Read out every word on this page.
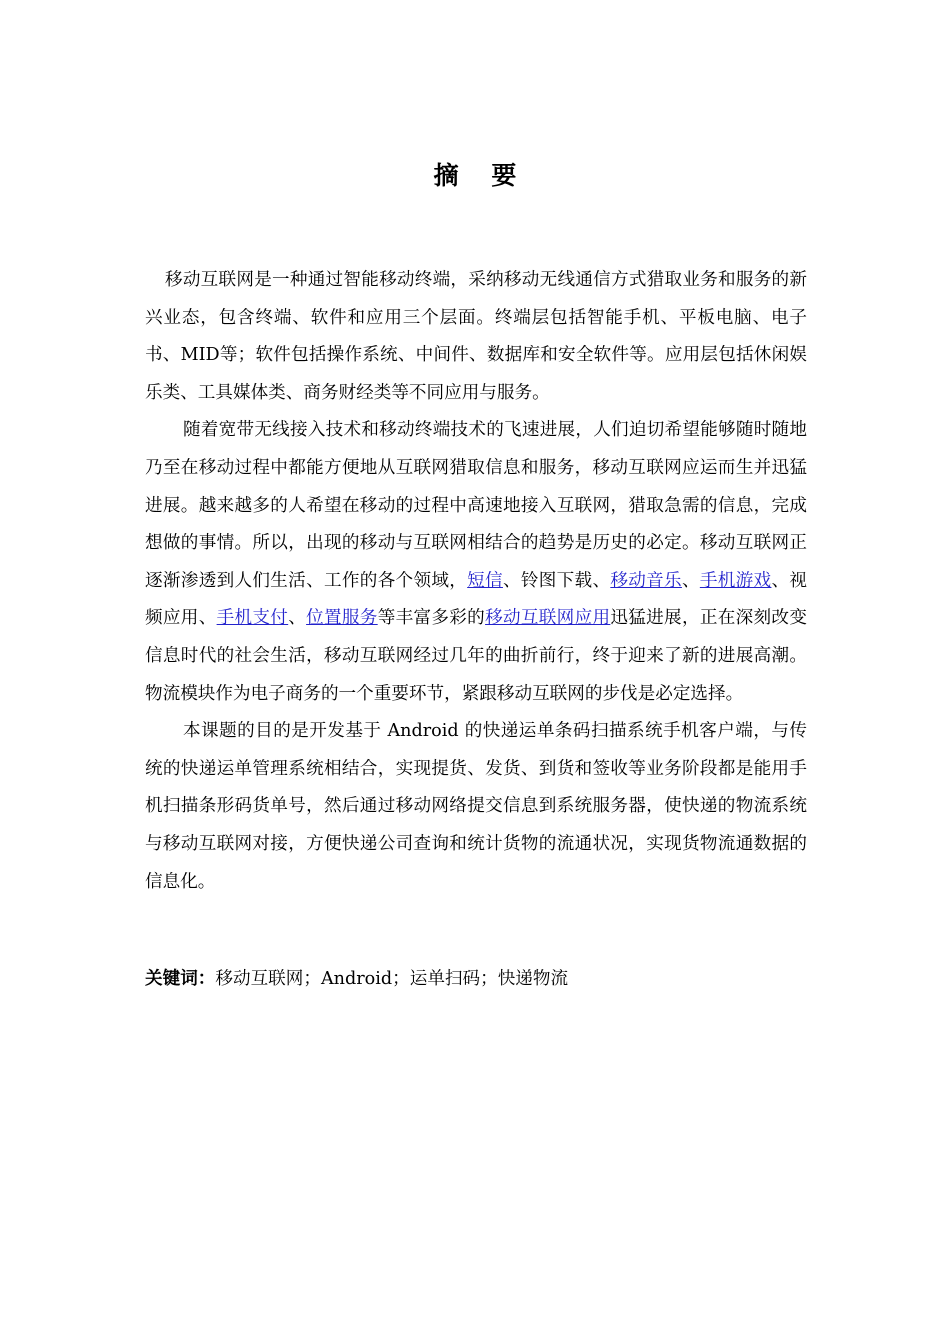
摘 要

移动互联网是一种通过智能移动终端，采纳移动无线通信方式猎取业务和服务的新兴业态，包含终端、软件和应用三个层面。终端层包括智能手机、平板电脑、电子书、MID等；软件包括操作系统、中间件、数据库和安全软件等。应用层包括休闲娱乐类、工具媒体类、商务财经类等不同应用与服务。

随着宽带无线接入技术和移动终端技术的飞速进展，人们迫切希望能够随时随地乃至在移动过程中都能方便地从互联网猎取信息和服务，移动互联网应运而生并迅猛进展。越来越多的人希望在移动的过程中高速地接入互联网，猎取急需的信息，完成想做的事情。所以，出现的移动与互联网相结合的趋势是历史的必定。移动互联网正逐渐渗透到人们生活、工作的各个领域，短信、铃图下载、移动音乐、手机游戏、视频应用、手机支付、位置服务等丰富多彩的移动互联网应用迅猛进展，正在深刻改变信息时代的社会生活，移动互联网经过几年的曲折前行，终于迎来了新的进展高潮。物流模块作为电子商务的一个重要环节，紧跟移动互联网的步伐是必定选择。

本课题的目的是开发基于 Android 的快递运单条码扫描系统手机客户端，与传统的快递运单管理系统相结合，实现提货、发货、到货和签收等业务阶段都是能用手机扫描条形码货单号，然后通过移动网络提交信息到系统服务器，使快递的物流系统与移动互联网对接，方便快递公司查询和统计货物的流通状况，实现货物流通数据的信息化。

关键词：移动互联网；Android；运单扫码；快递物流
